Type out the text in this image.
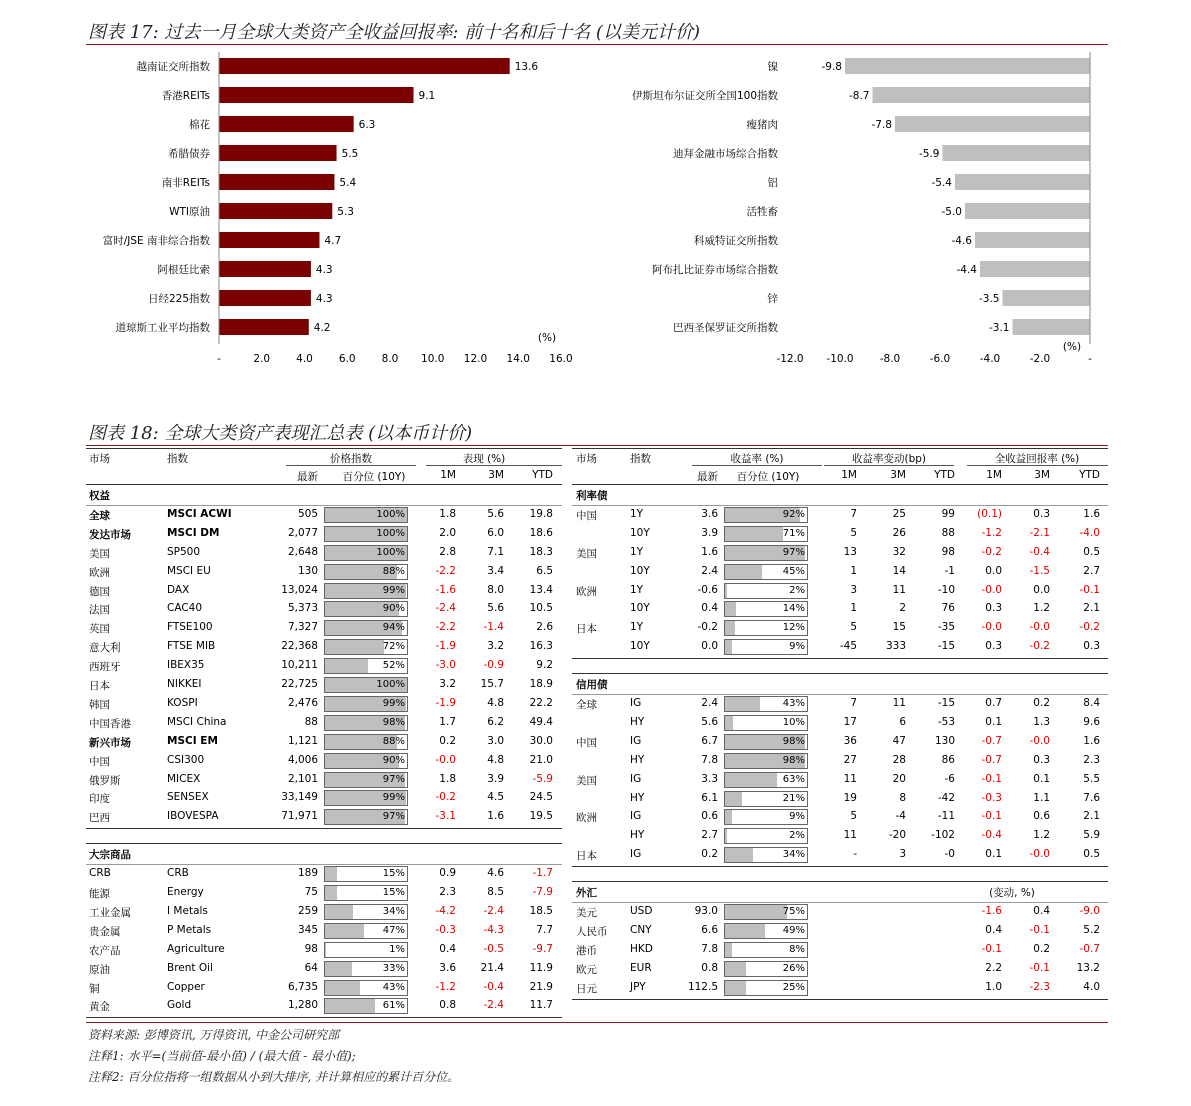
图表 17: 过去一月全球大类资产全收益回报率: 前十名和后十名 (以美元计价)
越南证交所指数	13.6
香港REITs	9.1
棉花	6.3
希腊债券	5.5
南非REITs	5.4
WTI原油	5.3
富时/JSE 南非综合指数	4.7
阿根廷比索	4.3
日经225指数	4.3
道琼斯工业平均指数	4.2
-	2.0 4.0 6.0 8.0 10.0 12.0 14.0 16.0
(%)
镍	-9.8
伊斯坦布尔证交所全国100指数	-8.7
瘦猪肉	-7.8
迪拜金融市场综合指数	-5.9
铝	-5.4
活牲畜	-5.0
科威特证交所指数	-4.6
阿布扎比证券市场综合指数	-4.4
锌	-3.5
巴西圣保罗证交所指数	-3.1
-12.0 -10.0 -8.0	-6.0	-4.0	-2.0	-
(%)
图表 18: 全球大类资产表现汇总表 (以本币计价)
市场	指数	价格指数	表现 (%)
最新	百分位 (10Y)	1M	3M	YTD
权益
全球	MSCI ACWI	505	100%	1.8	5.6	19.8
发达市场	MSCI DM	2,077	100%	2.0	6.0	18.6
美国	SP500	2,648	100%	2.8	7.1	18.3
欧洲	MSCI EU	130	88%	-2.2	3.4	6.5
德国	DAX	13,024	99%	-1.6	8.0	13.4
法国	CAC40	5,373	90%	-2.4	5.6	10.5
英国	FTSE100	7,327	94%	-2.2	-1.4	2.6
意大利	FTSE MIB	22,368	72%	-1.9	3.2	16.3
西班牙	IBEX35	10,211	52%	-3.0	-0.9	9.2
日本	NIKKEI	22,725	100%	3.2	15.7	18.9
韩国	KOSPI	2,476	99%	-1.9	4.8	22.2
中国香港	MSCI China	88	98%	1.7	6.2	49.4
新兴市场	MSCI EM	1,121	88%	0.2	3.0	30.0
中国	CSI300	4,006	90%	-0.0	4.8	21.0
俄罗斯	MICEX	2,101	97%	1.8	3.9	-5.9
印度	SENSEX	33,149	99%	-0.2	4.5	24.5
巴西	IBOVESPA	71,971	97%	-3.1	1.6	19.5
大宗商品
CRB	CRB	189	15%	0.9	4.6	-1.7
能源	Energy	75	15%	2.3	8.5	-7.9
工业金属	I Metals	259	34%	-4.2	-2.4	18.5
贵金属	P Metals	345	47%	-0.3	-4.3	7.7
农产品	Agriculture	98	1%	0.4	-0.5	-9.7
原油	Brent Oil	64	33%	3.6	21.4	11.9
铜	Copper	6,735	43%	-1.2	-0.4	21.9
黄金	Gold	1,280	61%	0.8	-2.4	11.7
市场	指数	收益率 (%)	收益率变动(bp)	全收益回报率 (%)
最新	百分位 (10Y)	1M	3M	YTD	1M	3M	YTD
利率债
中国	1Y	3.6	92%	7	25	99	(0.1)	0.3	1.6
10Y	3.9	71%	5	26	88	-1.2	-2.1	-4.0
美国	1Y	1.6	97%	13	32	98	-0.2	-0.4	0.5
10Y	2.4	45%	1	14	-1	0.0	-1.5	2.7
欧洲	1Y	-0.6	2%	3	11	-10	-0.0	0.0	-0.1
10Y	0.4	14%	1	2	76	0.3	1.2	2.1
日本	1Y	-0.2	12%	5	15	-35	-0.0	-0.0	-0.2
10Y	0.0	9%	-45	333	-15	0.3	-0.2	0.3
信用债
全球	IG	2.4	43%	7	11	-15	0.7	0.2	8.4
HY	5.6	10%	17	6	-53	0.1	1.3	9.6
中国	IG	6.7	98%	36	47	130	-0.7	-0.0	1.6
HY	7.8	98%	27	28	86	-0.7	0.3	2.3
美国	IG	3.3	63%	11	20	-6	-0.1	0.1	5.5
HY	6.1	21%	19	8	-42	-0.3	1.1	7.6
欧洲	IG	0.6	9%	5	-4	-11	-0.1	0.6	2.1
HY	2.7	2%	11	-20	-102	-0.4	1.2	5.9
日本	IG	0.2	34%	-	3	-0	0.1	-0.0	0.5
外汇	(变动, %)
美元	USD	93.0	75%	-1.6	0.4	-9.0
人民币 CNY	6.6	49%	0.4	-0.1	5.2
港币	HKD	7.8	8%	-0.1	0.2	-0.7
欧元	EUR	0.8	26%	2.2	-0.1	13.2
日元	JPY	112.5	25%	1.0	-2.3	4.0
资料来源: 彭博资讯, 万得资讯, 中金公司研究部
注释1: 水平=(当前值-最小值) / (最大值 - 最小值);
注释2: 百分位指将一组数据从小到大排序, 并计算相应的累计百分位。
